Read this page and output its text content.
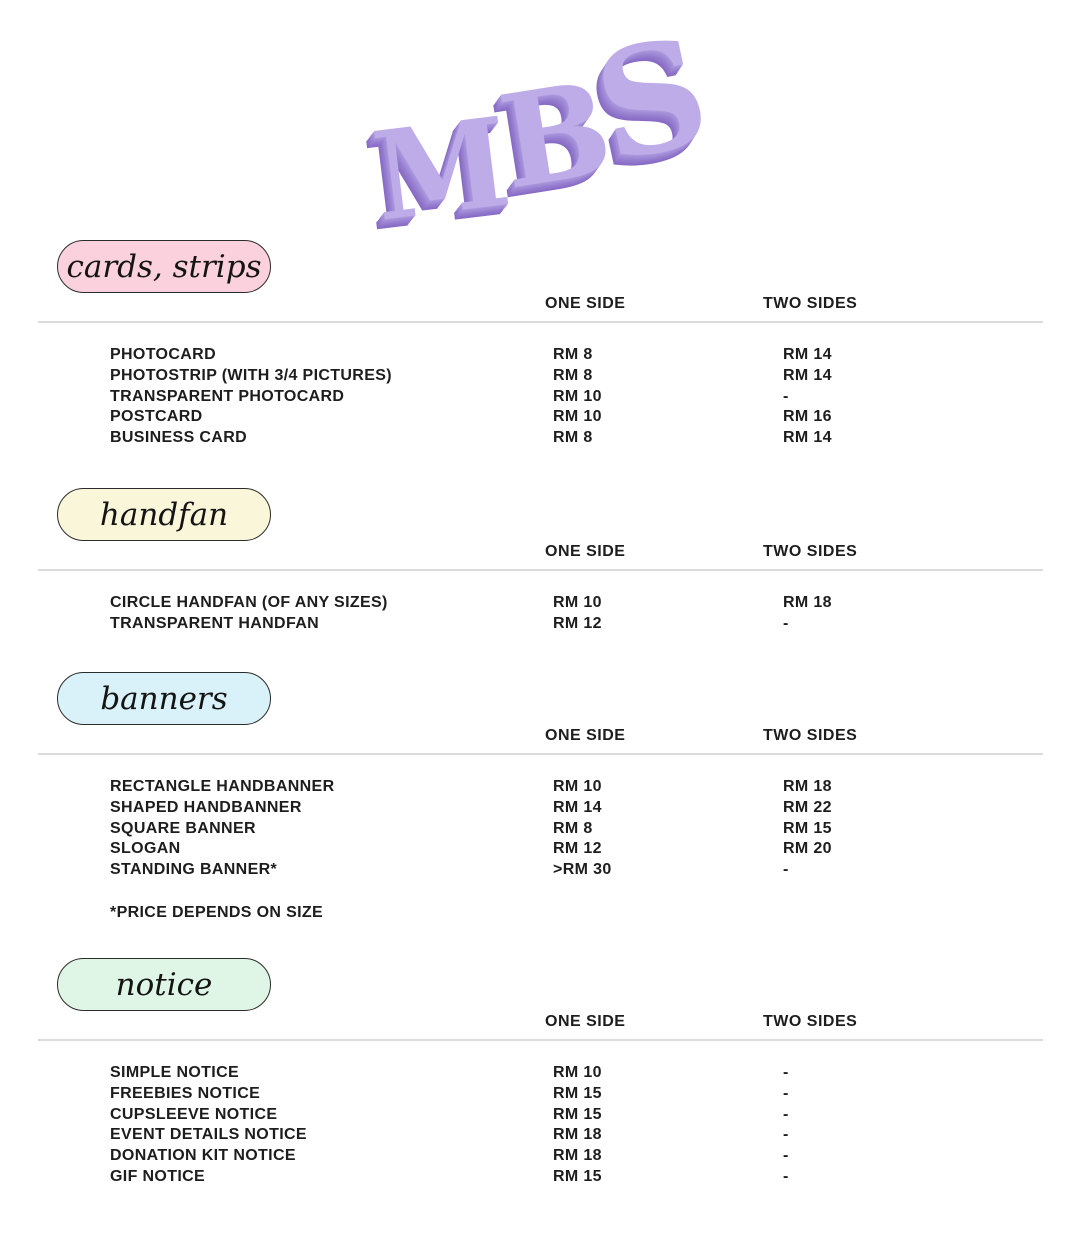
MBS
cards, strips
ONE SIDE	TWO SIDES
PHOTOCARD	RM 8	RM 14
PHOTOSTRIP (WITH 3/4 PICTURES)	RM 8	RM 14
TRANSPARENT PHOTOCARD	RM 10	-
POSTCARD	RM 10	RM 16
BUSINESS CARD	RM 8	RM 14
handfan
ONE SIDE	TWO SIDES
CIRCLE HANDFAN (OF ANY SIZES)	RM 10	RM 18
TRANSPARENT HANDFAN	RM 12	-
banners
ONE SIDE	TWO SIDES
RECTANGLE HANDBANNER	RM 10	RM 18
SHAPED HANDBANNER	RM 14	RM 22
SQUARE BANNER	RM 8	RM 15
SLOGAN	RM 12	RM 20
STANDING BANNER*	>RM 30	-
*PRICE DEPENDS ON SIZE
notice
ONE SIDE	TWO SIDES
SIMPLE NOTICE	RM 10	-
FREEBIES NOTICE	RM 15	-
CUPSLEEVE NOTICE	RM 15	-
EVENT DETAILS NOTICE	RM 18	-
DONATION KIT NOTICE	RM 18	-
GIF NOTICE	RM 15	-
